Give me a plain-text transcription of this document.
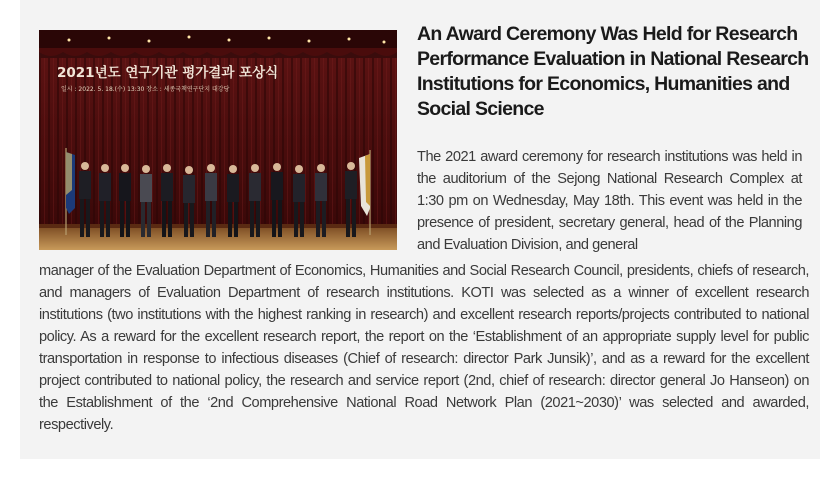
2021년도 연구기관 평가결과 포상식
일시 : 2022. 5. 18.(수) 13:30 장소 : 세종국책연구단지 대강당
An Award Ceremony Was Held for Research Performance Evaluation in National Research Institutions for Economics, Humanities and Social Science

The 2021 award ceremony for research institutions was held in the auditorium of the Sejong National Research Complex at 1:30 pm on Wednesday, May 18th. This event was held in the presence of president, secretary general, head of the Planning and Evaluation Division, and general

manager of the Evaluation Department of Economics, Humanities and Social Research Council, presidents, chiefs of research, and managers of Evaluation Department of research institutions. KOTI was selected as a winner of excellent research institutions (two institutions with the highest ranking in research) and excellent research reports/projects contributed to national policy. As a reward for the excellent research report, the report on the ‘Establishment of an appropriate supply level for public transportation in response to infectious diseases (Chief of research: director Park Junsik)’, and as a reward for the excellent project contributed to national policy, the research and service report (2nd, chief of research: director general Jo Hanseon) on the Establishment of the ‘2nd Comprehensive National Road Network Plan (2021~2030)’ was selected and awarded, respectively.
